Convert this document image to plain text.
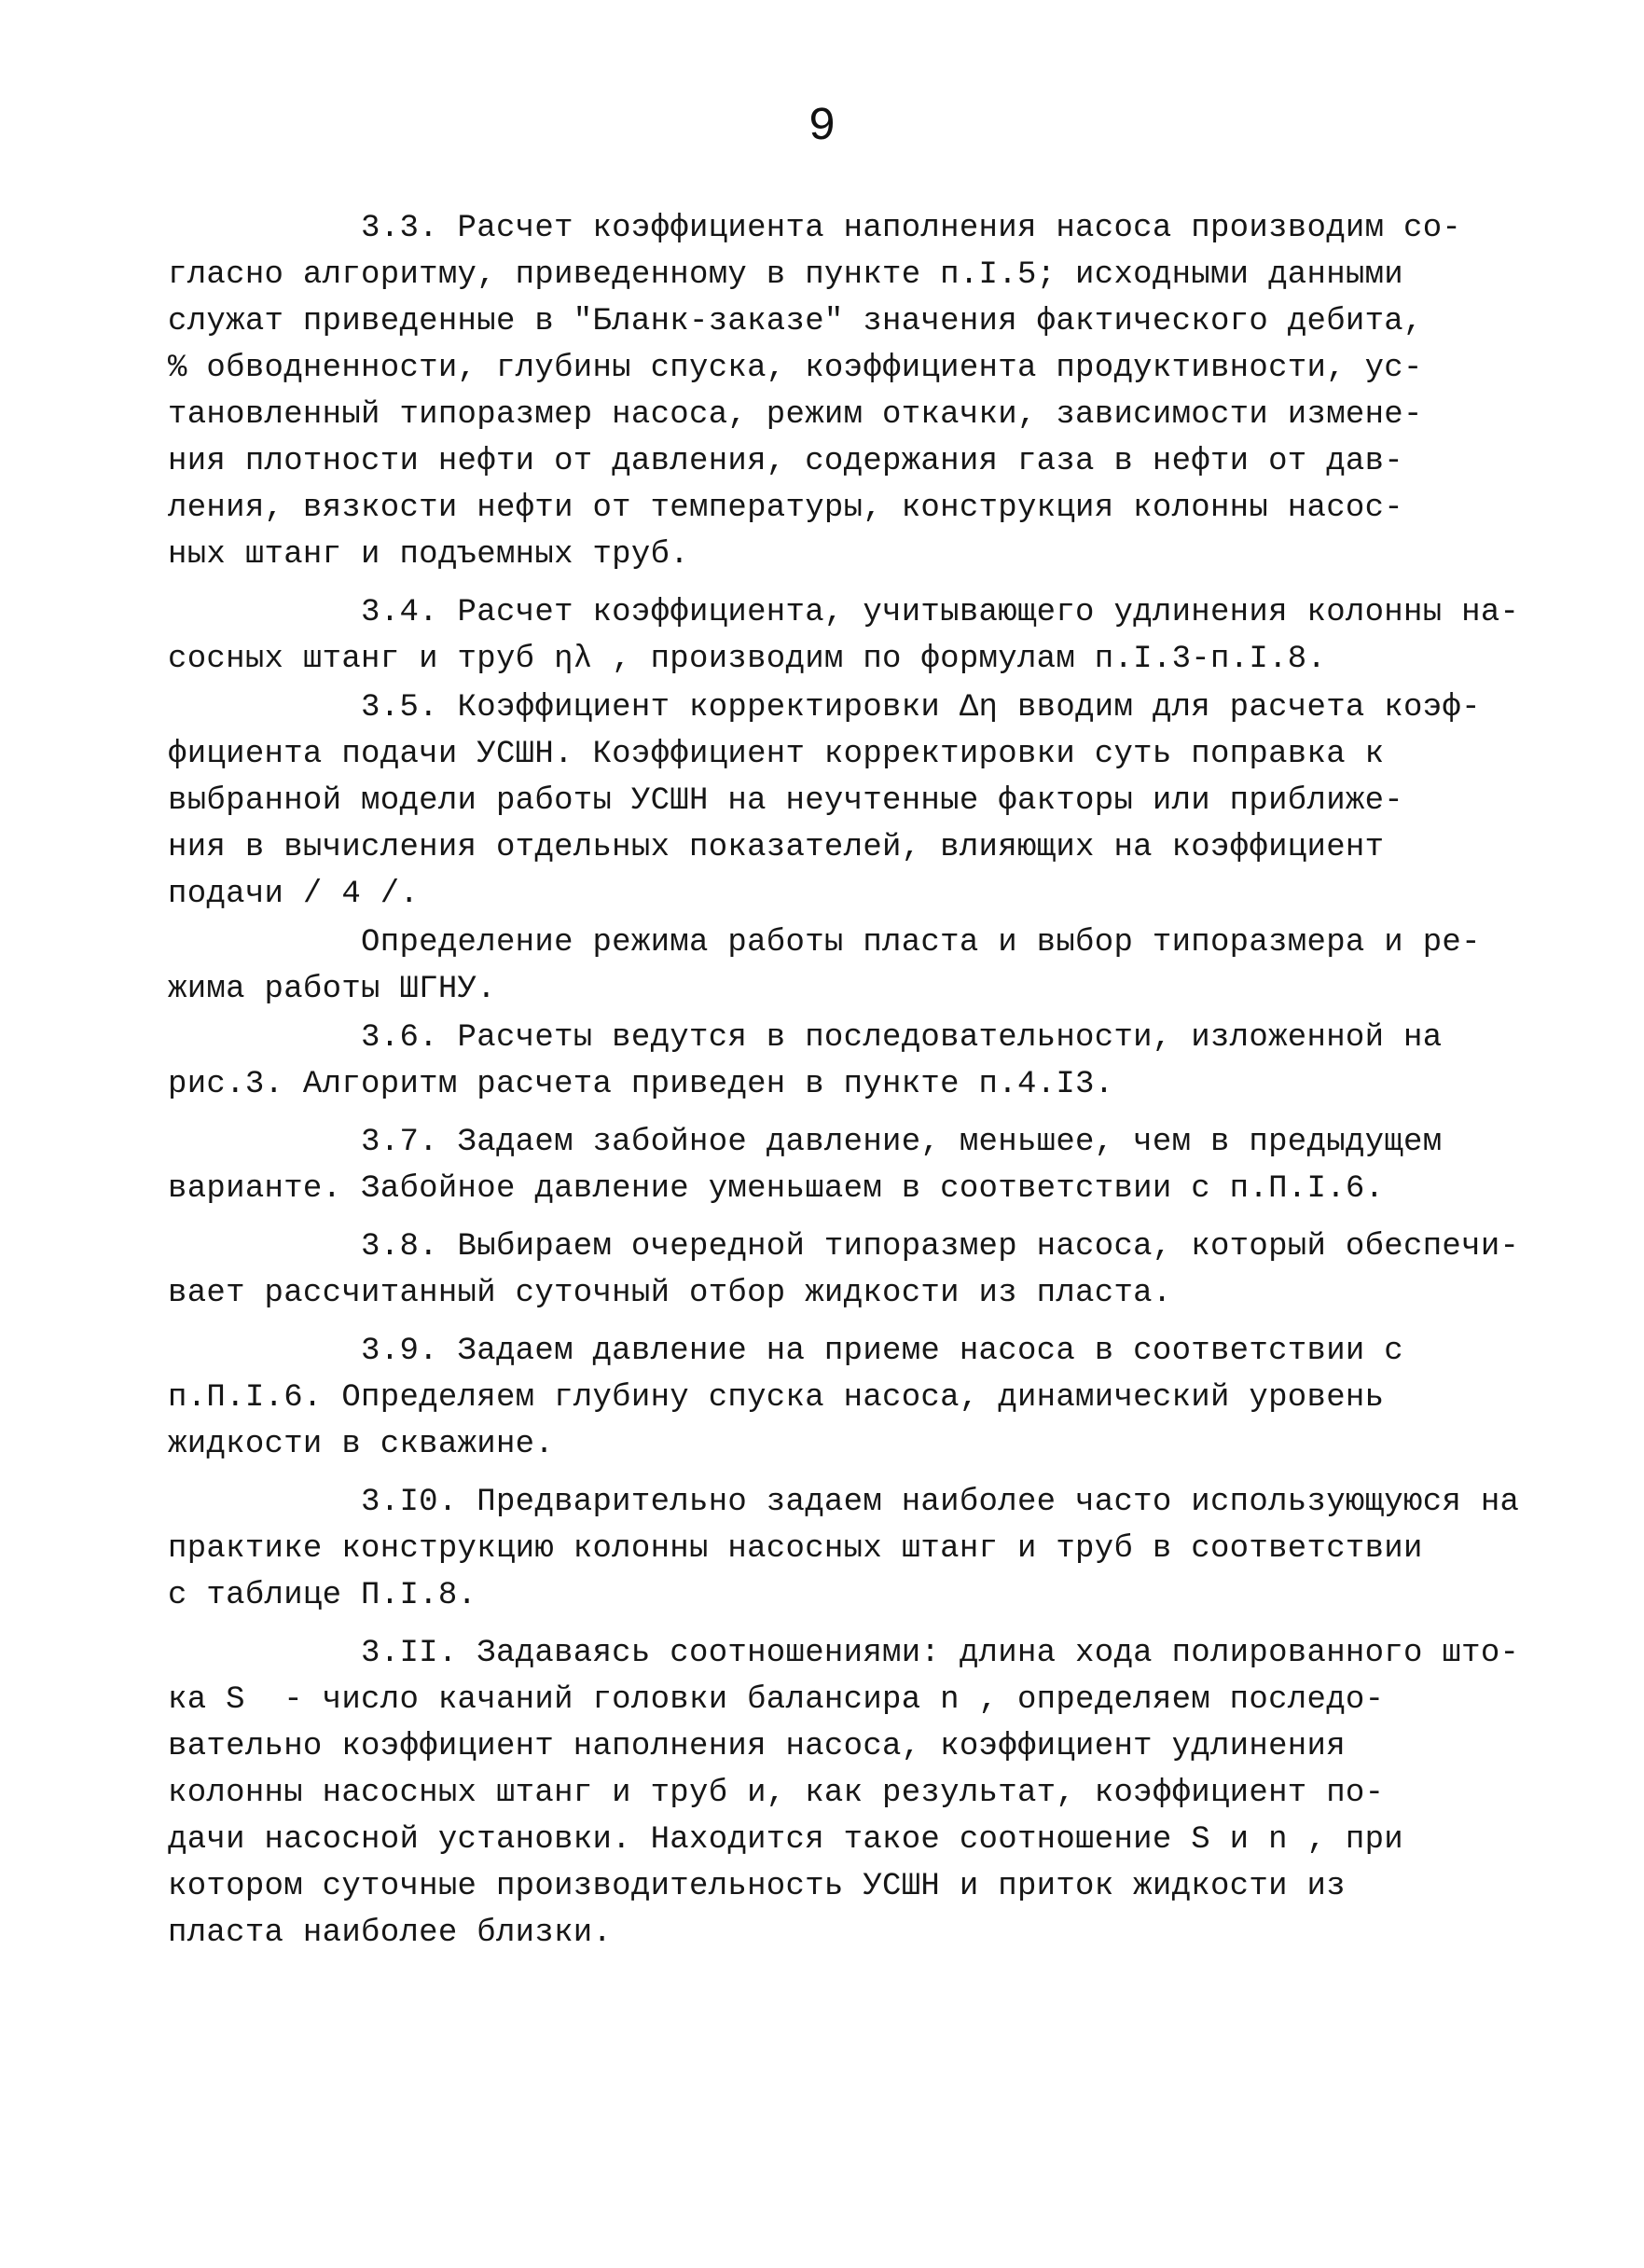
9
3.3. Расчет коэффициента наполнения насоса производим со-
гласно алгоритму, приведенному в пункте п.I.5; исходными данными
служат приведенные в "Бланк-заказе" значения фактического дебита,
% обводненности, глубины спуска, коэффициента продуктивности, ус-
тановленный типоразмер насоса, режим откачки, зависимости измене-
ния плотности нефти от давления, содержания газа в нефти от дав-
ления, вязкости нефти от температуры, конструкция колонны насос-
ных штанг и подъемных труб.
3.4. Расчет коэффициента, учитывающего удлинения колонны на-
сосных штанг и труб ηλ , производим по формулам п.I.3-п.I.8.
3.5. Коэффициент корректировки Δη вводим для расчета коэф-
фициента подачи УСШН. Коэффициент корректировки суть поправка к
выбранной модели работы УСШН на неучтенные факторы или приближе-
ния в вычисления отдельных показателей, влияющих на коэффициент
подачи / 4 /.
Определение режима работы пласта и выбор типоразмера и ре-
жима работы ШГНУ.
3.6. Расчеты ведутся в последовательности, изложенной на
рис.3. Алгоритм расчета приведен в пункте п.4.I3.
3.7. Задаем забойное давление, меньшее, чем в предыдущем
варианте. Забойное давление уменьшаем в соответствии с п.П.I.6.
3.8. Выбираем очередной типоразмер насоса, который обеспечи-
вает рассчитанный суточный отбор жидкости из пласта.
3.9. Задаем давление на приеме насоса в соответствии с
п.П.I.6. Определяем глубину спуска насоса, динамический уровень
жидкости в скважине.
3.I0. Предварительно задаем наиболее часто использующуюся на
практике конструкцию колонны насосных штанг и труб в соответствии
с таблице П.I.8.
3.II. Задаваясь соотношениями: длина хода полированного што-
ка S  - число качаний головки балансира n , определяем последо-
вательно коэффициент наполнения насоса, коэффициент удлинения
колонны насосных штанг и труб и, как результат, коэффициент по-
дачи насосной установки. Находится такое соотношение S и n , при
котором суточные производительность УСШН и приток жидкости из
пласта наиболее близки.
